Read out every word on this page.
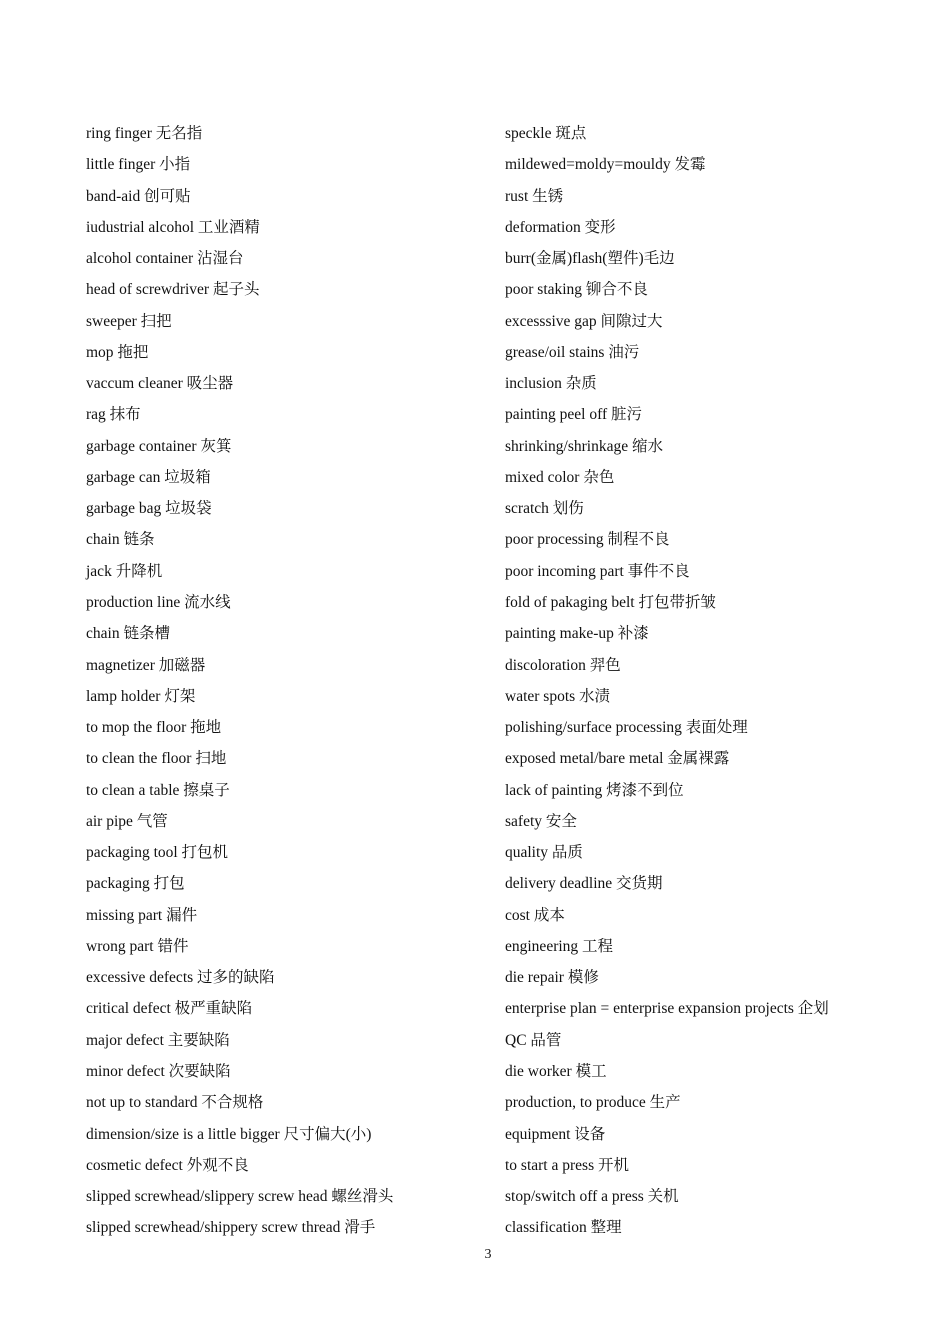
ring finger 无名指
little finger 小指
band-aid 创可贴
iudustrial alcohol 工业酒精
alcohol container 沾湿台
head of screwdriver 起子头
sweeper 扫把
mop 拖把
vaccum cleaner 吸尘器
rag 抹布
garbage container 灰箕
garbage can 垃圾箱
garbage bag 垃圾袋
chain 链条
jack 升降机
production line 流水线
chain 链条槽
magnetizer 加磁器
lamp holder 灯架
to mop the floor 拖地
to clean the floor 扫地
to clean a table 擦桌子
air pipe 气管
packaging tool 打包机
packaging 打包
missing part 漏件
wrong part 错件
excessive defects 过多的缺陷
critical defect 极严重缺陷
major defect 主要缺陷
minor defect 次要缺陷
not up to standard 不合规格
dimension/size is a little bigger 尺寸偏大(小)
cosmetic defect 外观不良
slipped screwhead/slippery screw head 螺丝滑头
slipped screwhead/shippery screw thread 滑手
speckle 斑点
mildewed=moldy=mouldy 发霉
rust 生锈
deformation 变形
burr(金属)flash(塑件)毛边
poor staking 铆合不良
excesssive gap 间隙过大
grease/oil stains 油污
inclusion 杂质
painting peel off 脏污
shrinking/shrinkage 缩水
mixed color 杂色
scratch 划伤
poor processing 制程不良
poor incoming part 事件不良
fold of pakaging belt 打包带折皱
painting make-up 补漆
discoloration 羿色
water spots 水渍
polishing/surface processing 表面处理
exposed metal/bare metal 金属裸露
lack of painting 烤漆不到位
safety 安全
quality 品质
delivery deadline 交货期
cost 成本
engineering 工程
die repair 模修
enterprise plan = enterprise expansion projects 企划
QC 品管
die worker 模工
production, to produce 生产
equipment 设备
to start a press 开机
stop/switch off a press 关机
classification 整理
3
